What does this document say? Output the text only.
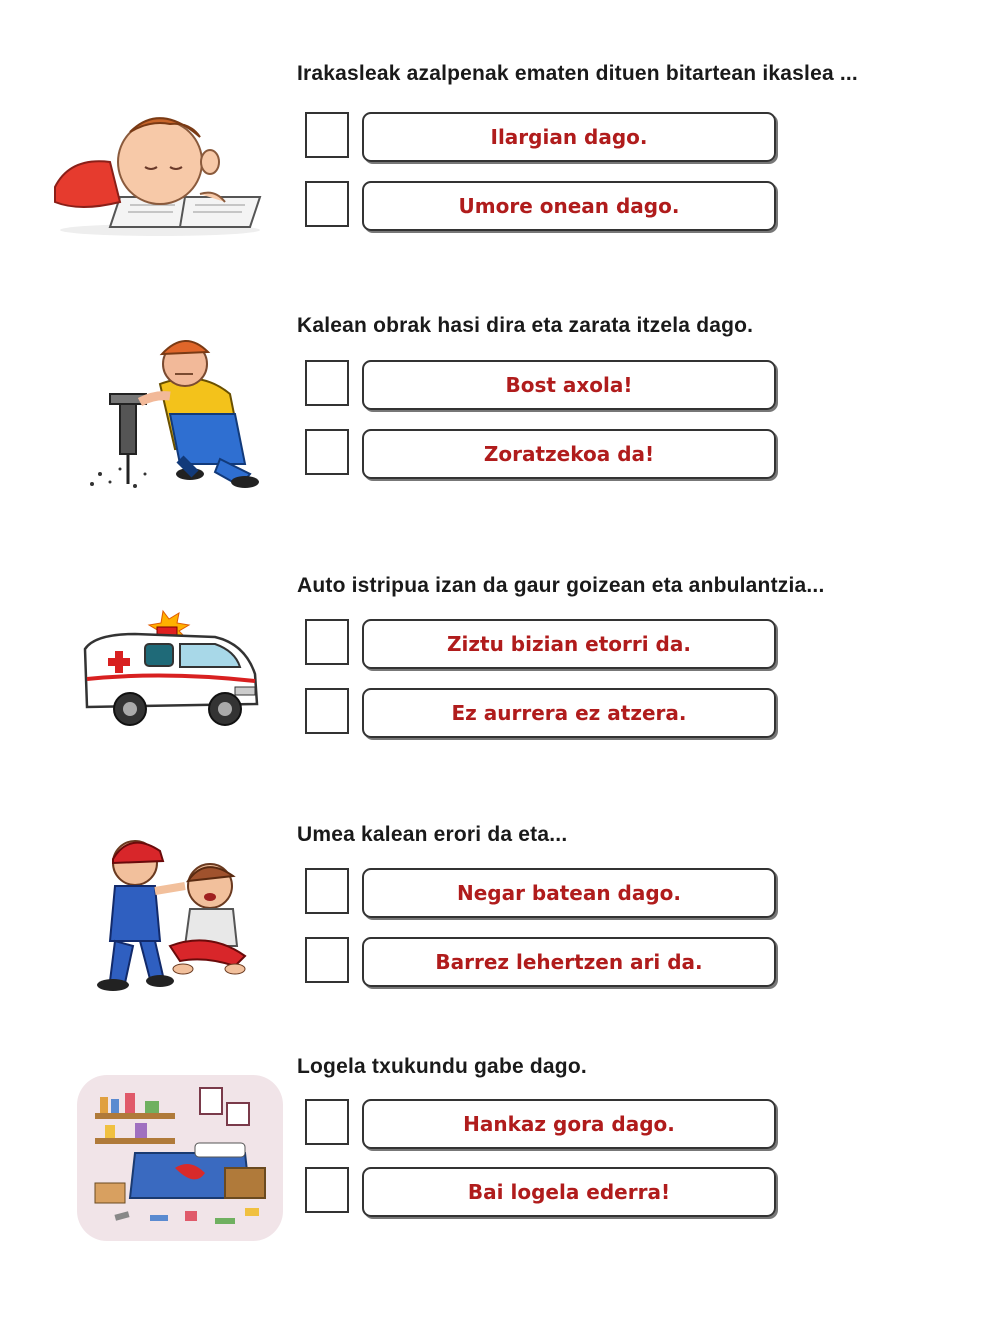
Irakasleak azalpenak ematen dituen bitartean ikaslea ...
Ilargian dago.
Umore onean dago.
Kalean obrak hasi dira eta zarata itzela dago.
Bost axola!
Zoratzekoa da!
Auto istripua izan da gaur goizean eta anbulantzia...
Ziztu bizian etorri da.
Ez aurrera ez atzera.
Umea kalean erori da eta...
Negar batean dago.
Barrez lehertzen ari da.
Logela txukundu gabe dago.
Hankaz gora dago.
Bai logela ederra!
